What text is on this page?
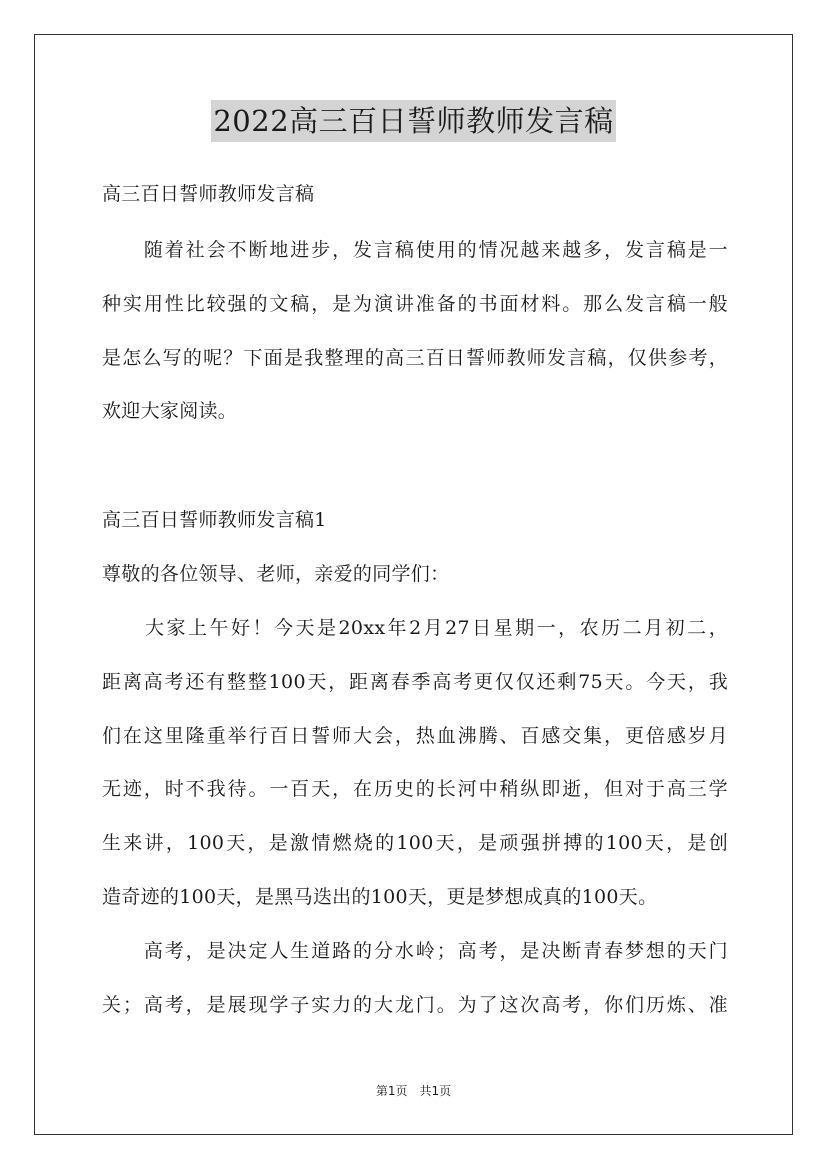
2022高三百日誓师教师发言稿
高三百日誓师教师发言稿
　　随着社会不断地进步，发言稿使用的情况越来越多，发言稿是一
种实用性比较强的文稿，是为演讲准备的书面材料。那么发言稿一般
是怎么写的呢？下面是我整理的高三百日誓师教师发言稿，仅供参考，
欢迎大家阅读。
高三百日誓师教师发言稿1
尊敬的各位领导、老师，亲爱的同学们：
　　大家上午好！今天是20xx年2月27日星期一，农历二月初二，
距离高考还有整整100天，距离春季高考更仅仅还剩75天。今天，我
们在这里隆重举行百日誓师大会，热血沸腾、百感交集，更倍感岁月
无迹，时不我待。一百天，在历史的长河中稍纵即逝，但对于高三学
生来讲，100天，是激情燃烧的100天，是顽强拼搏的100天，是创
造奇迹的100天，是黑马迭出的100天，更是梦想成真的100天。
　　高考，是决定人生道路的分水岭；高考，是决断青春梦想的天门
关；高考，是展现学子实力的大龙门。为了这次高考，你们历炼、准
第1页　共1页
